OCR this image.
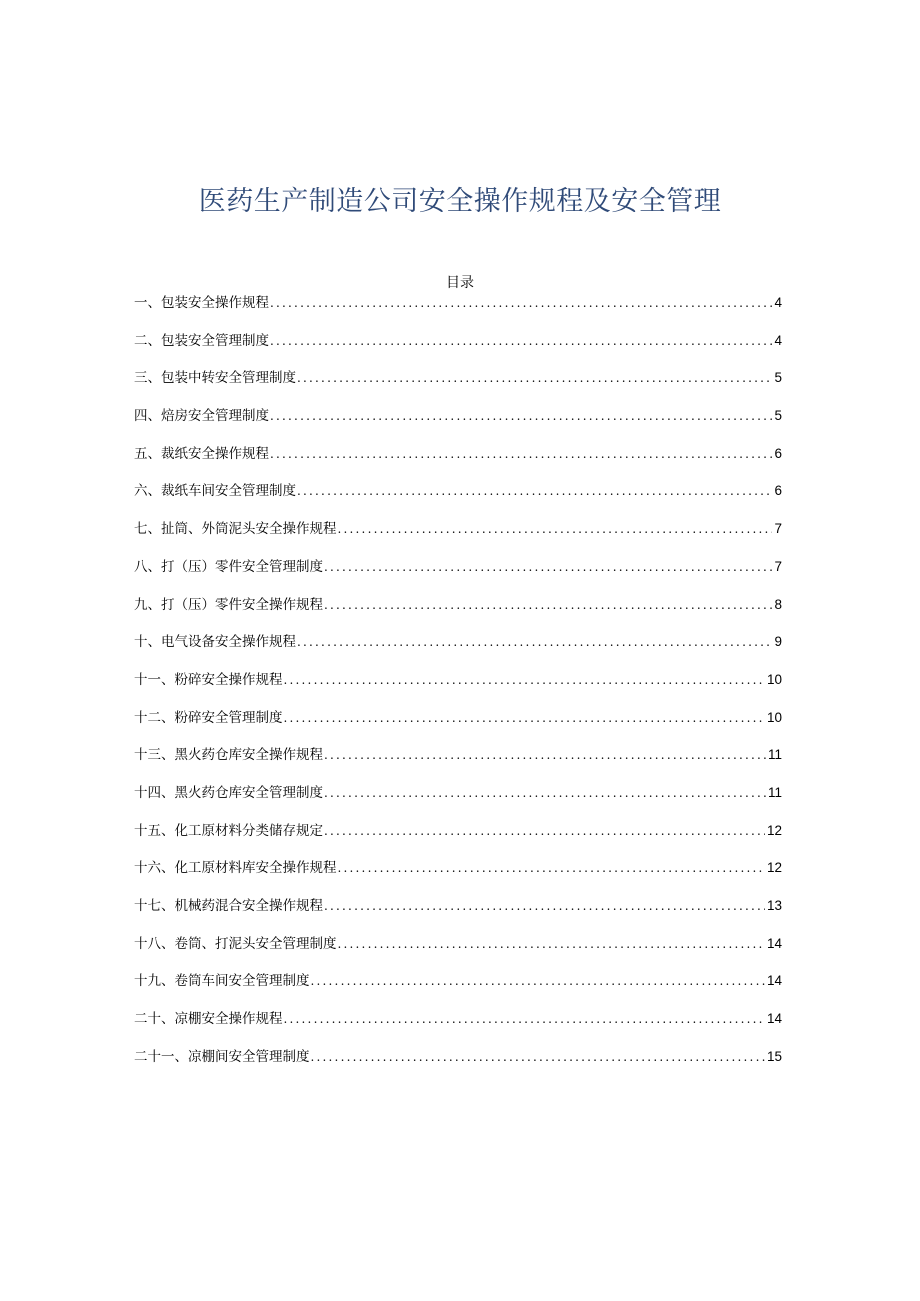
医药生产制造公司安全操作规程及安全管理
目录
一、包装安全操作规程 .....	4
二、包装安全管理制度 .....	4
三、包装中转安全管理制度 .....	5
四、焙房安全管理制度 .....	5
五、裁纸安全操作规程 .....	6
六、裁纸车间安全管理制度 .....	6
七、扯筒、外筒泥头安全操作规程 .....	7
八、打（压）零件安全管理制度 .....	7
九、打（压）零件安全操作规程 .....	8
十、电气设备安全操作规程 .....	9
十一、粉碎安全操作规程 .....	10
十二、粉碎安全管理制度 .....	10
十三、黑火药仓库安全操作规程 .....	11
十四、黑火药仓库安全管理制度 .....	11
十五、化工原材料分类储存规定 .....	12
十六、化工原材料库安全操作规程 .....	12
十七、机械药混合安全操作规程 .....	13
十八、卷筒、打泥头安全管理制度 .....	14
十九、卷筒车间安全管理制度 .....	14
二十、凉棚安全操作规程 .....	14
二十一、凉棚间安全管理制度 .....	15
